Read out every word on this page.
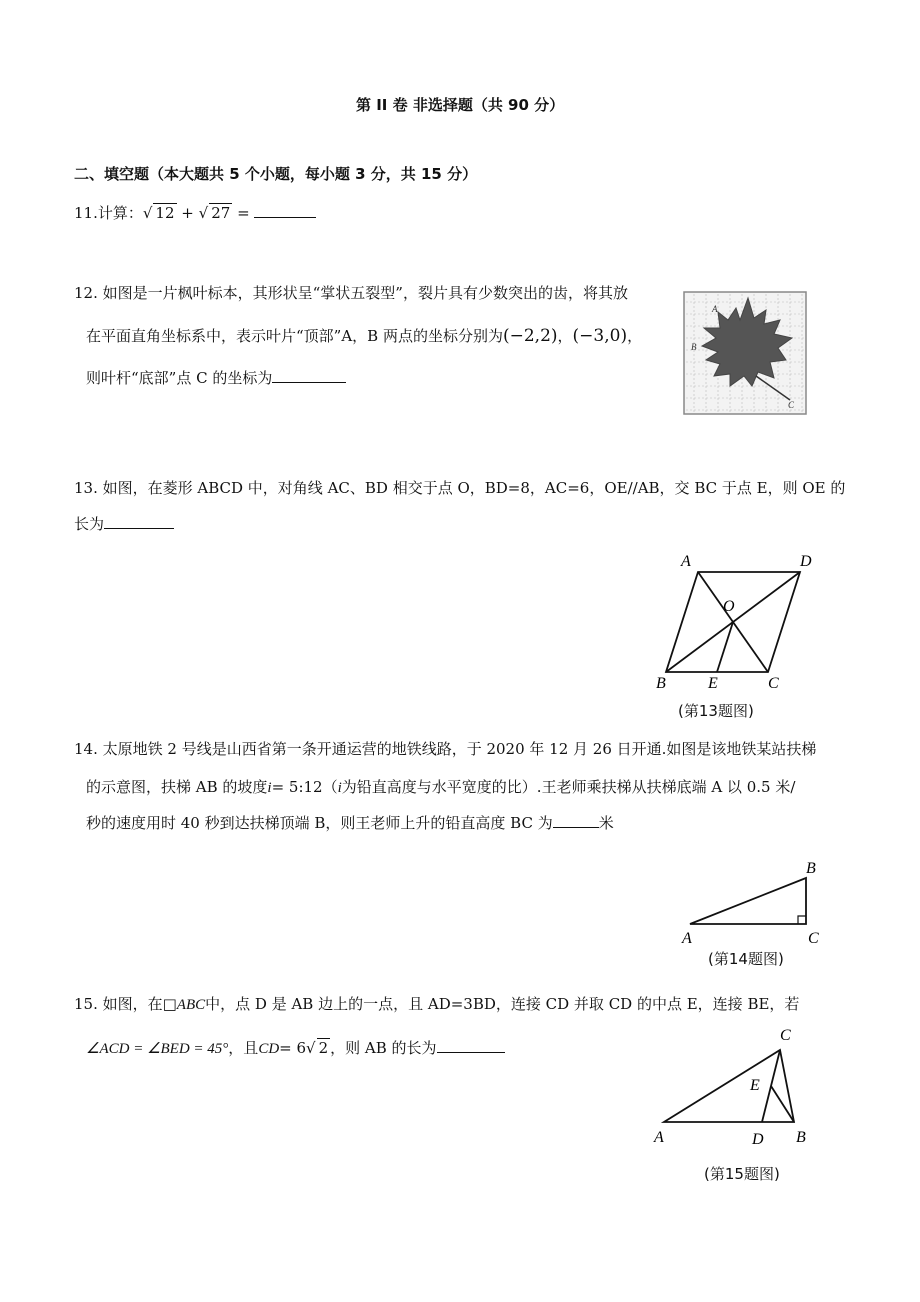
第 II 卷 非选择题（共 90 分）
二、填空题（本大题共 5 个小题，每小题 3 分，共 15 分）
11.计算：√ 12 + √ 27 =
12. 如图是一片枫叶标本，其形状呈“掌状五裂型”，裂片具有少数突出的齿，将其放
在平面直角坐标系中，表示叶片“顶部”A，B 两点的坐标分别为(−2,2)，(−3,0)，
则叶杆“底部”点 C 的坐标为
A
B
C
13. 如图，在菱形 ABCD 中，对角线 AC、BD 相交于点 O，BD=8，AC=6，OE//AB，交 BC 于点 E，则 OE 的
长为
A	D
O
B	E	C
(第13题图)
14. 太原地铁 2 号线是山西省第一条开通运营的地铁线路，于 2020 年 12 月 26 日开通.如图是该地铁某站扶梯
的示意图，扶梯 AB 的坡度i= 5:12（i为铅直高度与水平宽度的比）.王老师乘扶梯从扶梯底端 A 以 0.5 米/
秒的速度用时 40 秒到达扶梯顶端 B，则王老师上升的铅直高度 BC 为	米
B
A	C
(第14题图)
15. 如图，在□ABC中，点 D 是 AB 边上的一点，且 AD=3BD，连接 CD 并取 CD 的中点 E，连接 BE，若
∠ACD = ∠BED = 45°，且CD= 6√ 2 ，则 AB 的长为
C
E
A	D B
(第15题图)
